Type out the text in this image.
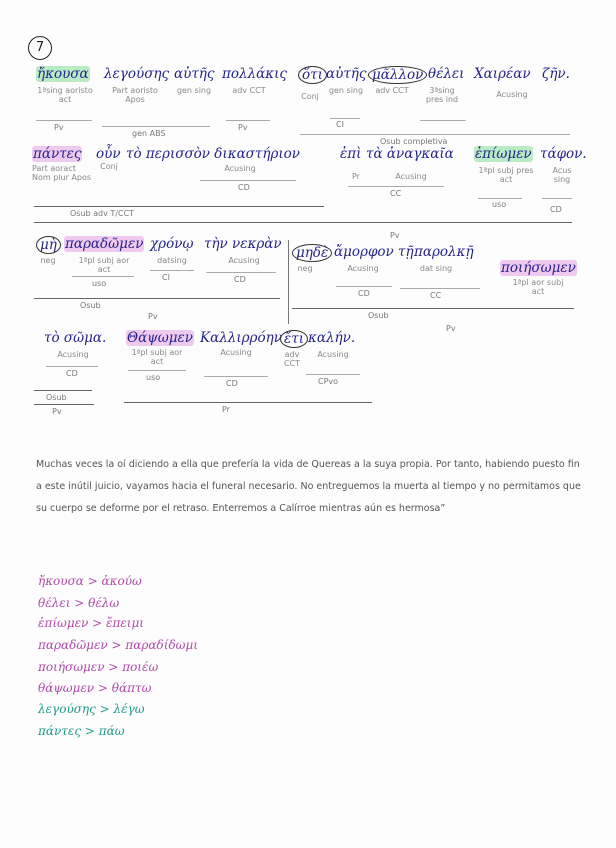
7
ἤκουσα λεγούσης αὐτῆς πολλάκις ὅτι αὐτῆς μᾶλλον θέλει Χαιρέαν ζῆν.
1ªsing aoristo act
Part aoristo Apos
gen sing	adv CCT
Conj
gen sing	adv CCT	3ªsing pres ind
Acusing
Pv	Pv	CI
gen ABS
Osub completiva
πάντες οὖν τὸ περισσὸν δικαστήριον	ἐπὶ τὰ ἀναγκαῖα ἐπίωμεν τάφον.
Part aoract Nom plur Apos
Conj	Acusing
Pr	Acusing
1ªpl subj pres act
Acus sing
CD
CC
uso
CD
Osub adv T/CCT
Pv
μὴ παραδῶμεν χρόνῳ τὴν νεκρὰν
μηδὲ ἄμορφον τῇ παρολκῇ
ποιήσωμεν
neg	1ªpl subj aor act
datsing	Acusing
neg	Acusing	dat sing
1ªpl aor subj act
uso
CI	CD
CD	CC
Osub
Pv	Osub
Pv
τὸ σῶμα. Θάψωμεν Καλλιρρόην ἔτι καλήν.
Acusing	1ªpl subj aor act
Acusing	adv CCT
Acusing
CD	uso
CD	CPvo
Osub
Pv	Pr
Muchas veces la oí diciendo a ella que prefería la vida de Quereas a la suya propia. Por tanto, habiendo puesto fin a este inútil juicio, vayamos hacia el funeral necesario. No entreguemos la muerta al tiempo y no permitamos que su cuerpo se deforme por el retraso. Enterremos a Calírroe mientras aún es hermosa”
ἤκουσα > ἀκούω
θέλει > θέλω
ἐπίωμεν > ἔπειμι
παραδῶμεν > παραδίδωμι
ποιήσωμεν > ποιέω
θάψωμεν > θάπτω
λεγούσης > λέγω
πάντες > πάω
